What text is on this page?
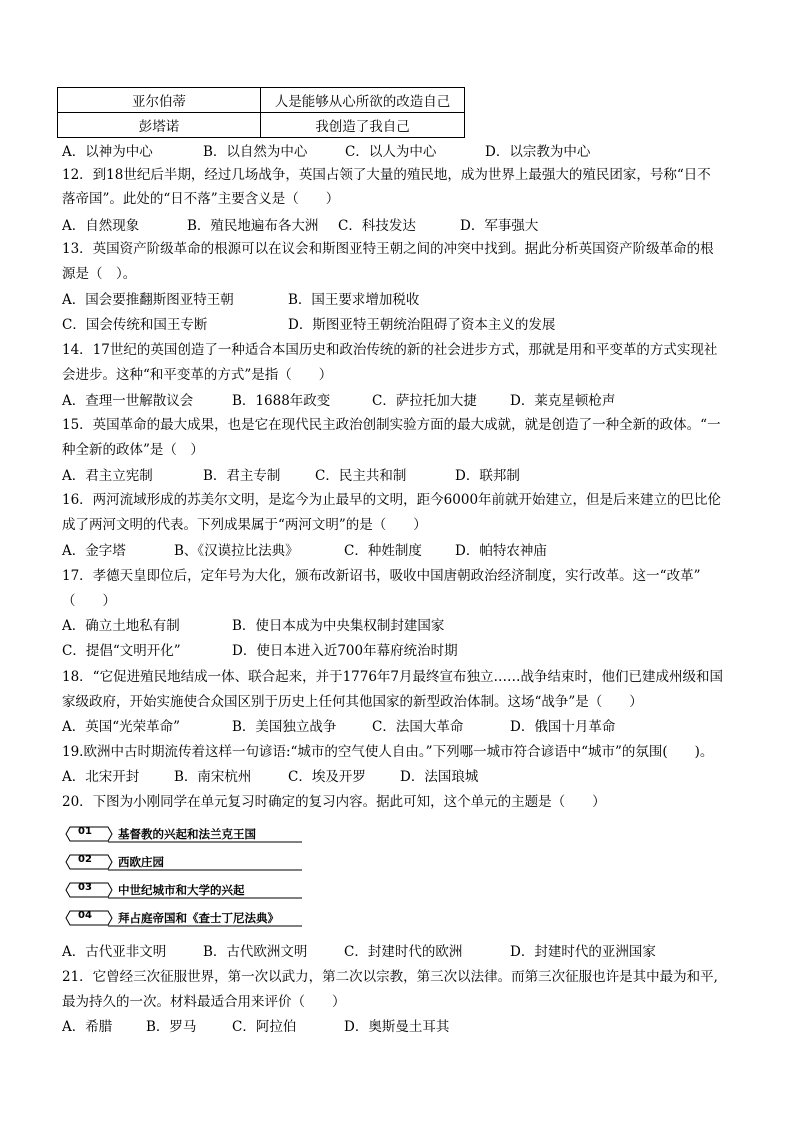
亚尔伯蒂	人是能够从心所欲的改造自己
彭塔诺	我创造了我自己
A．以神为中心	B．以自然为中心	C．以人为中心	D．以宗教为中心
12．到18世纪后半期，经过几场战争，英国占领了大量的殖民地，成为世界上最强大的殖民团家，号称“日不
落帝国”。此处的“日不落”主要含义是（　　）
A．自然现象	B．殖民地遍布各大洲 C．科技发达	D．军事强大
13．英国资产阶级革命的根源可以在议会和斯图亚特王朝之间的冲突中找到。据此分析英国资产阶级革命的根
源是（　）。
A．国会要推翻斯图亚特王朝	B．国王要求增加税收
C．国会传统和国王专断	D．斯图亚特王朝统治阻碍了资本主义的发展
14．17世纪的英国创造了一种适合本国历史和政治传统的新的社会进步方式，那就是用和平变革的方式实现社
会进步。这种“和平变革的方式”是指（　　）
A．查理一世解散议会	B．1688年政变	C．萨拉托加大捷 D．莱克星顿枪声
15．英国革命的最大成果，也是它在现代民主政治创制实验方面的最大成就，就是创造了一种全新的政体。“一
种全新的政体”是（　）
A．君主立宪制	B．君主专制	C．民主共和制	D．联邦制
16．两河流域形成的苏美尔文明，是迄今为止最早的文明，距今6000年前就开始建立，但是后来建立的巴比伦
成了两河文明的代表。下列成果属于“两河文明”的是（　　）
A．金字塔	B、《汉谟拉比法典》	C．种姓制度 D．帕特农神庙
17．孝德天皇即位后，定年号为大化，颁布改新诏书，吸收中国唐朝政治经济制度，实行改革。这一“改革”
（　　）
A．确立土地私有制	B．使日本成为中央集权制封建国家
C．提倡“文明开化”	D．使日本进入近700年幕府统治时期
18．“它促进殖民地结成一体、联合起来，并于1776年7月最终宣布独立……战争结束时，他们已建成州级和国
家级政府，开始实施使合众国区别于历史上任何其他国家的新型政治体制。这场“战争”是（　　）
A．英国“光荣革命”	B．美国独立战争	C．法国大革命	D．俄国十月革命
19.欧洲中古时期流传着这样一句谚语:“城市的空气使人自由。”下列哪一城市符合谚语中“城市”的氛围(　　)。
A．北宋开封	B．南宋杭州	C．埃及开罗	D．法国琅城
20．下图为小刚同学在单元复习时确定的复习内容。据此可知，这个单元的主题是（　　）
01 基督教的兴起和法兰克王国
02 西欧庄园
03 中世纪城市和大学的兴起
04 拜占庭帝国和《查士丁尼法典》
A．古代亚非文明	B．古代欧洲文明	C．封建时代的欧洲	D．封建时代的亚洲国家
21．它曾经三次征服世界，第一次以武力，第二次以宗教，第三次以法律。而第三次征服也许是其中最为和平,
最为持久的一次。材料最适合用来评价（　　）
A．希腊	B．罗马	C．阿拉伯	D．奥斯曼土耳其
